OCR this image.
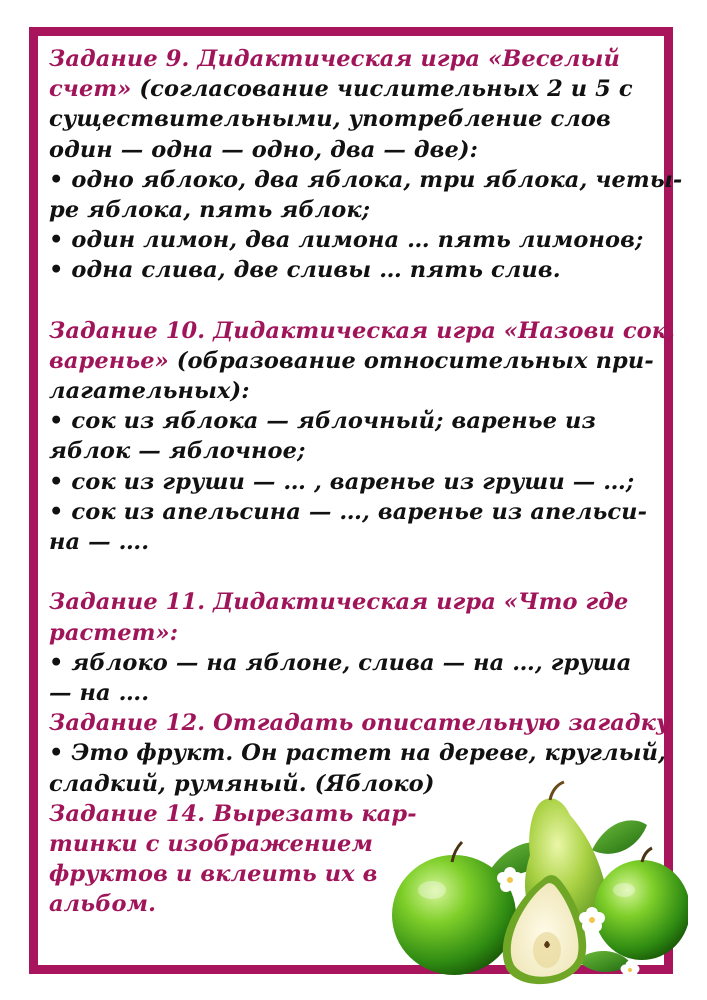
Задание 9. Дидактическая игра «Веселый
счет» (согласование числительных 2 и 5 с
существительными, употребление слов
один — одна — одно, два — две):
• одно яблоко, два яблока, три яблока, четы-
ре яблока, пять яблок;
• один лимон, два лимона … пять лимонов;
• одна слива, две сливы … пять слив.
Задание 10. Дидактическая игра «Назови сок,
варенье» (образование относительных при-
лагательных):
• сок из яблока — яблочный; варенье из
яблок — яблочное;
• сок из груши — … , варенье из груши — …;
• сок из апельсина — …, варенье из апельси-
на — ….
Задание 11. Дидактическая игра «Что где
растет»:
• яблоко — на яблоне, слива — на …, груша
— на ….
Задание 12. Отгадать описательную загадку
• Это фрукт. Он растет на дереве, круглый,
сладкий, румяный. (Яблоко)
Задание 14. Вырезать кар-
тинки с изображением
фруктов и вклеить их в
альбом.
